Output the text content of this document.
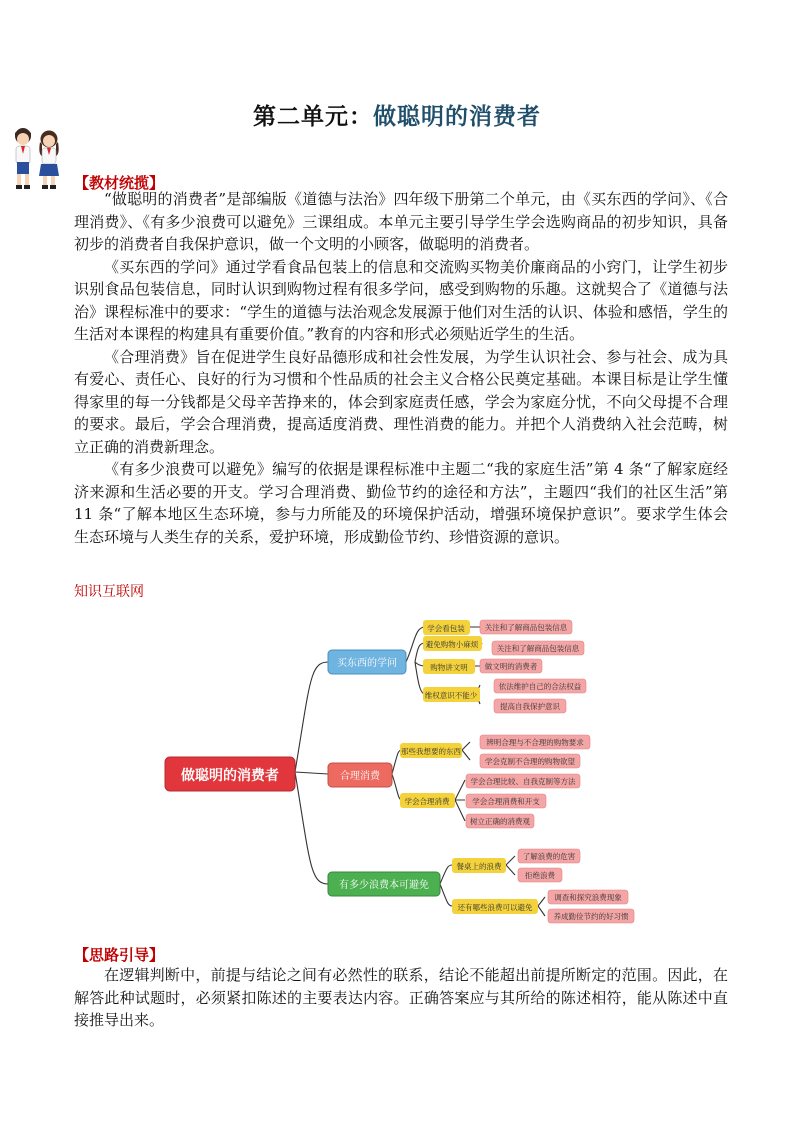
第二单元：做聪明的消费者
【教材统揽】

“做聪明的消费者”是部编版《道德与法治》四年级下册第二个单元，由《买东西的学问》、《合理消费》、《有多少浪费可以避免》三课组成。本单元主要引导学生学会选购商品的初步知识，具备初步的消费者自我保护意识，做一个文明的小顾客，做聪明的消费者。

《买东西的学问》通过学看食品包装上的信息和交流购买物美价廉商品的小窍门，让学生初步识别食品包装信息，同时认识到购物过程有很多学问，感受到购物的乐趣。这就契合了《道德与法治》课程标准中的要求：“学生的道德与法治观念发展源于他们对生活的认识、体验和感悟，学生的生活对本课程的构建具有重要价值。”教育的内容和形式必须贴近学生的生活。

《合理消费》旨在促进学生良好品德形成和社会性发展，为学生认识社会、参与社会、成为具有爱心、责任心、良好的行为习惯和个性品质的社会主义合格公民奠定基础。本课目标是让学生懂得家里的每一分钱都是父母辛苦挣来的，体会到家庭责任感，学会为家庭分忧，不向父母提不合理的要求。最后，学会合理消费，提高适度消费、理性消费的能力。并把个人消费纳入社会范畴，树立正确的消费新理念。

《有多少浪费可以避免》编写的依据是课程标准中主题二“我的家庭生活”第 4 条“了解家庭经济来源和生活必要的开支。学习合理消费、勤俭节约的途径和方法”，主题四“我们的社区生活”第 11 条“了解本地区生态环境，参与力所能及的环境保护活动，增强环境保护意识”。要求学生体会生态环境与人类生存的关系，爱护环境，形成勤俭节约、珍惜资源的意识。

知识互联网
做聪明的消费者
买东西的学问
合理消费
有多少浪费本可避免
学会看包装
避免购物小麻烦
购物讲文明
维权意识不能少
那些我想要的东西
学会合理消费
餐桌上的浪费
还有哪些浪费可以避免
关注和了解商品包装信息
关注和了解商品包装信息
做文明的消费者
依法维护自己的合法权益
提高自我保护意识
辨明合理与不合理的购物要求
学会克制不合理的购物欲望
学会合理比较、自我克制等方法
学会合理消费和开支
树立正确的消费观
了解浪费的危害
拒绝浪费
调查和探究浪费现象
养成勤俭节约的好习惯
【思路引导】

在逻辑判断中，前提与结论之间有必然性的联系，结论不能超出前提所断定的范围。因此，在解答此种试题时，必须紧扣陈述的主要表达内容。正确答案应与其所给的陈述相符，能从陈述中直接推导出来。
